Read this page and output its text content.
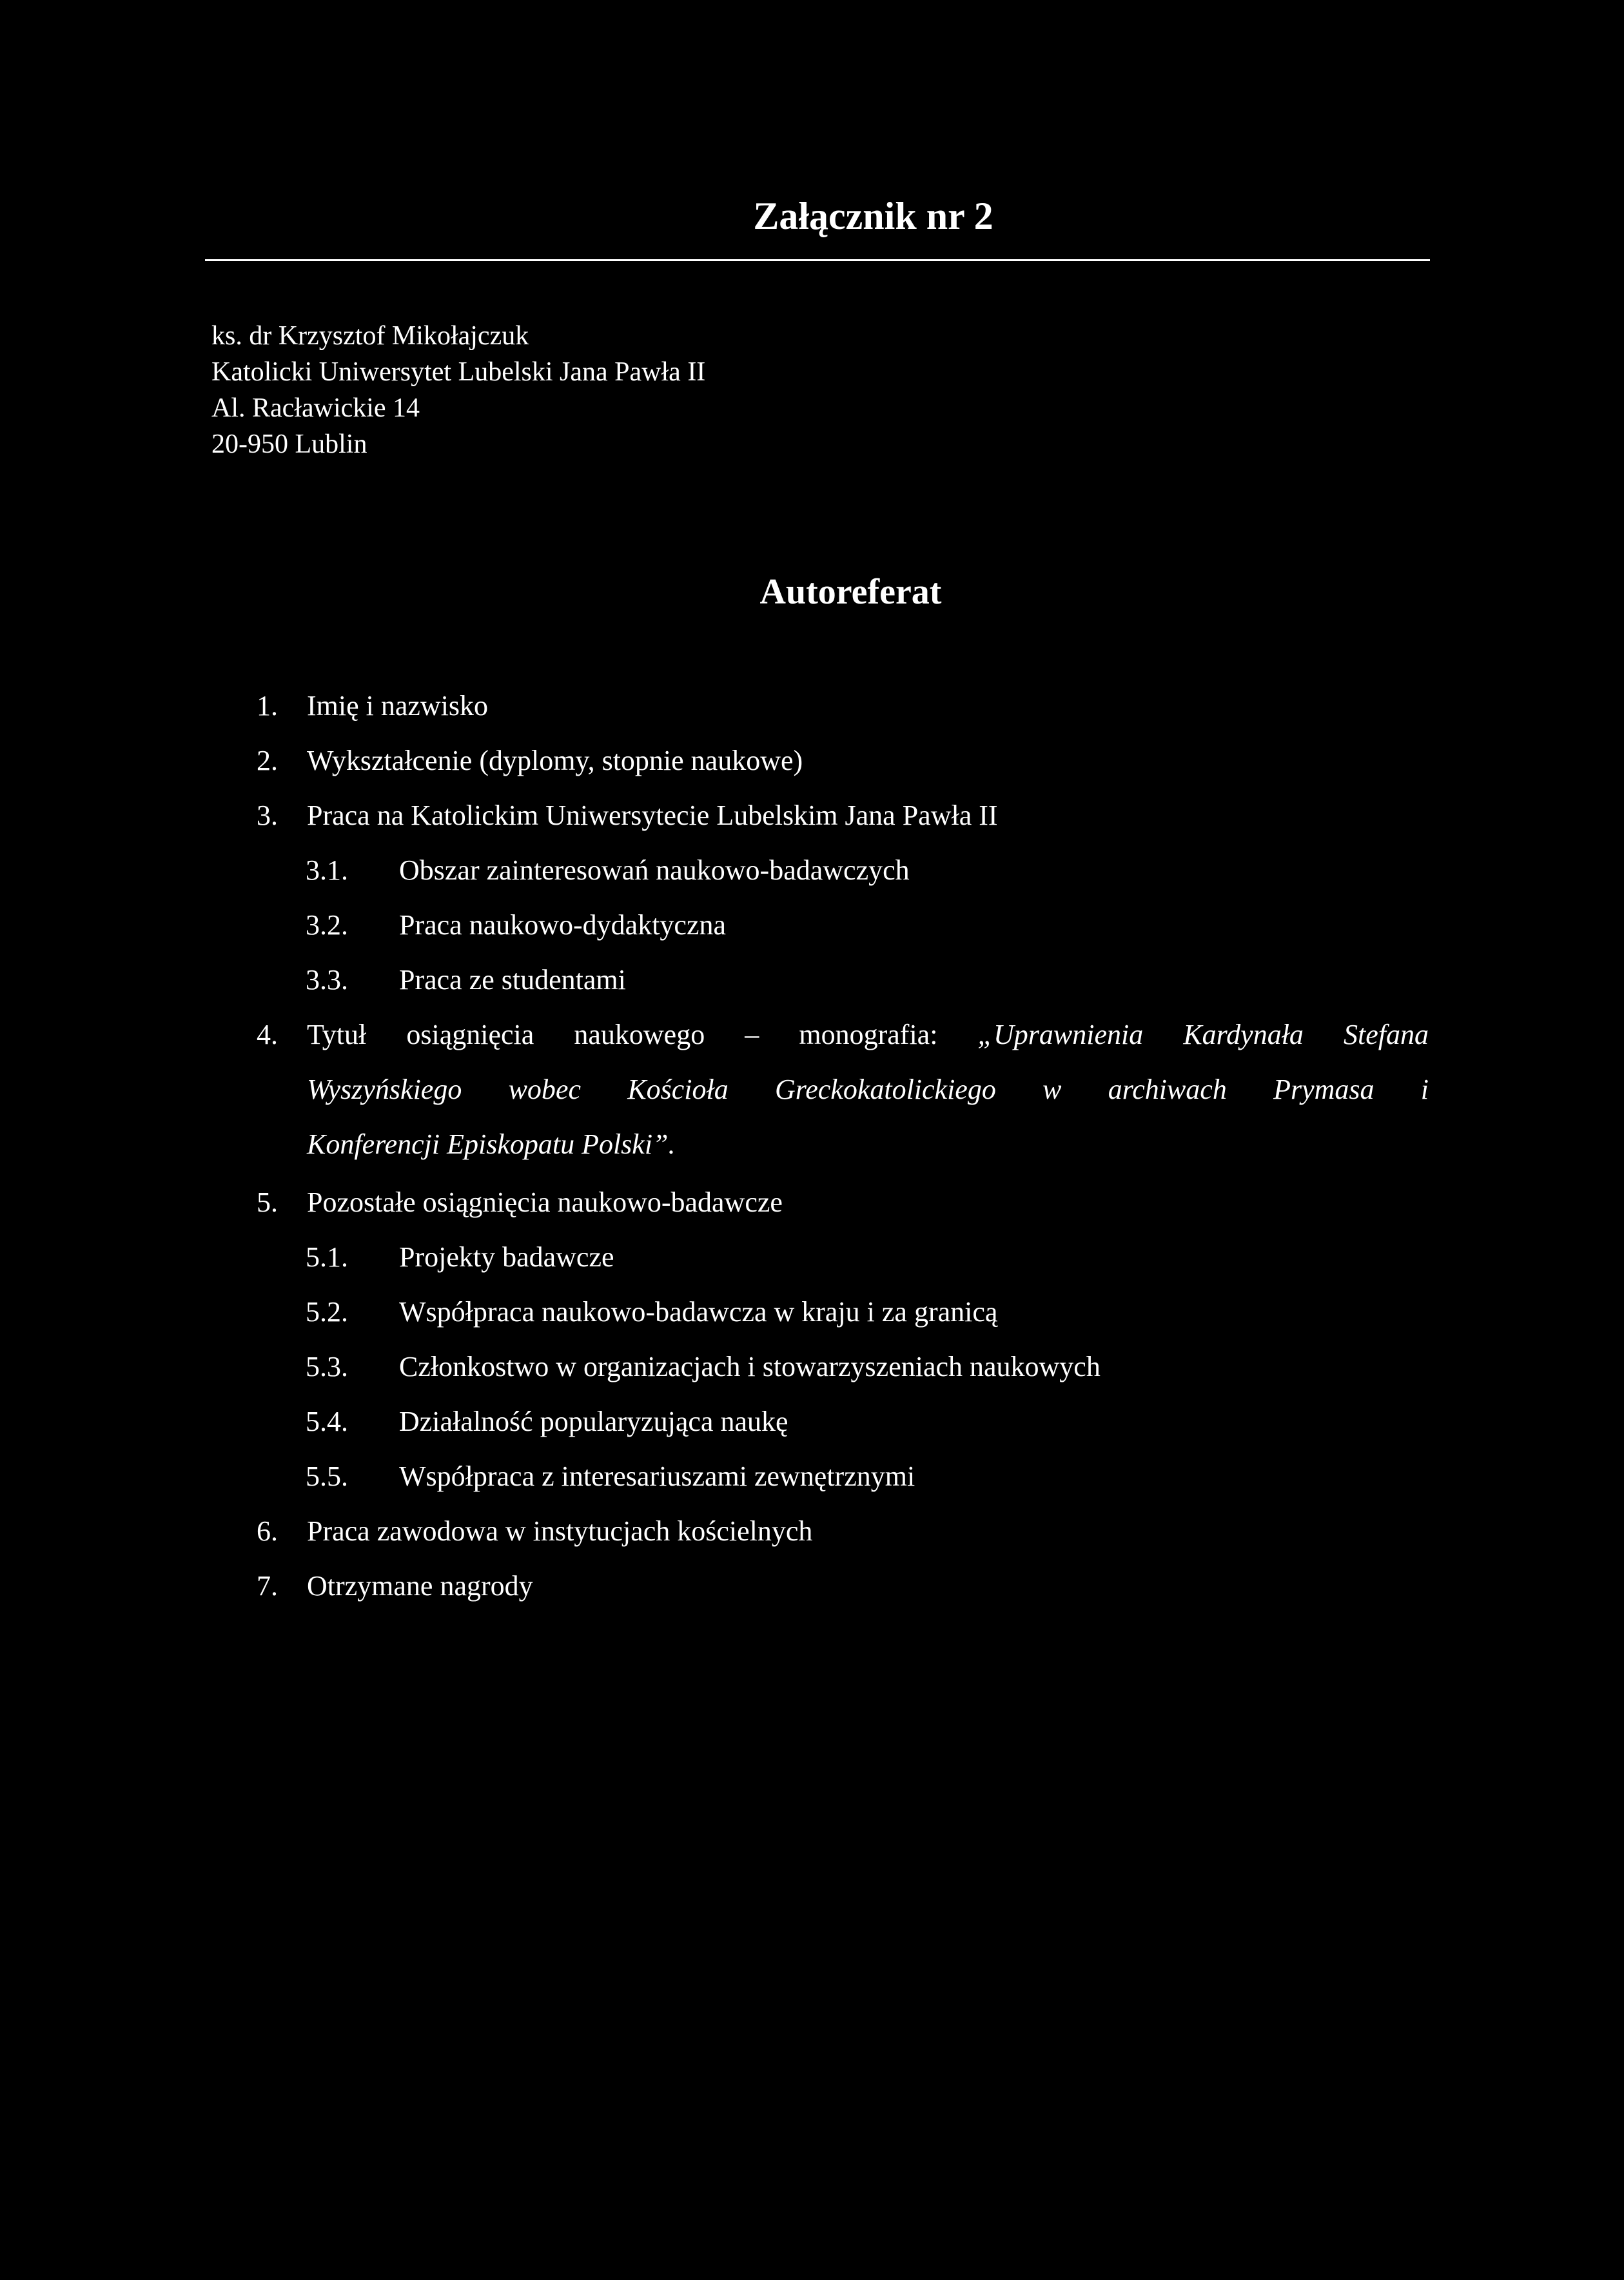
Załącznik nr 2
ks. dr Krzysztof Mikołajczuk
Katolicki Uniwersytet Lubelski Jana Pawła II
Al. Racławickie 14
20-950 Lublin
Autoreferat
1. Imię i nazwisko
2. Wykształcenie (dyplomy, stopnie naukowe)
3. Praca na Katolickim Uniwersytecie Lubelskim Jana Pawła II
3.1. Obszar zainteresowań naukowo-badawczych
3.2. Praca naukowo-dydaktyczna
3.3. Praca ze studentami
4.	Tytuł osiągnięcia naukowego – monografia: „Uprawnienia Kardynała Stefana
Wyszyńskiego wobec Kościoła Greckokatolickiego w archiwach Prymasa i
Konferencji Episkopatu Polski”.
5. Pozostałe osiągnięcia naukowo-badawcze
5.1. Projekty badawcze
5.2. Współpraca naukowo-badawcza w kraju i za granicą
5.3. Członkostwo w organizacjach i stowarzyszeniach naukowych
5.4. Działalność popularyzująca naukę
5.5. Współpraca z interesariuszami zewnętrznymi
6. Praca zawodowa w instytucjach kościelnych
7. Otrzymane nagrody
